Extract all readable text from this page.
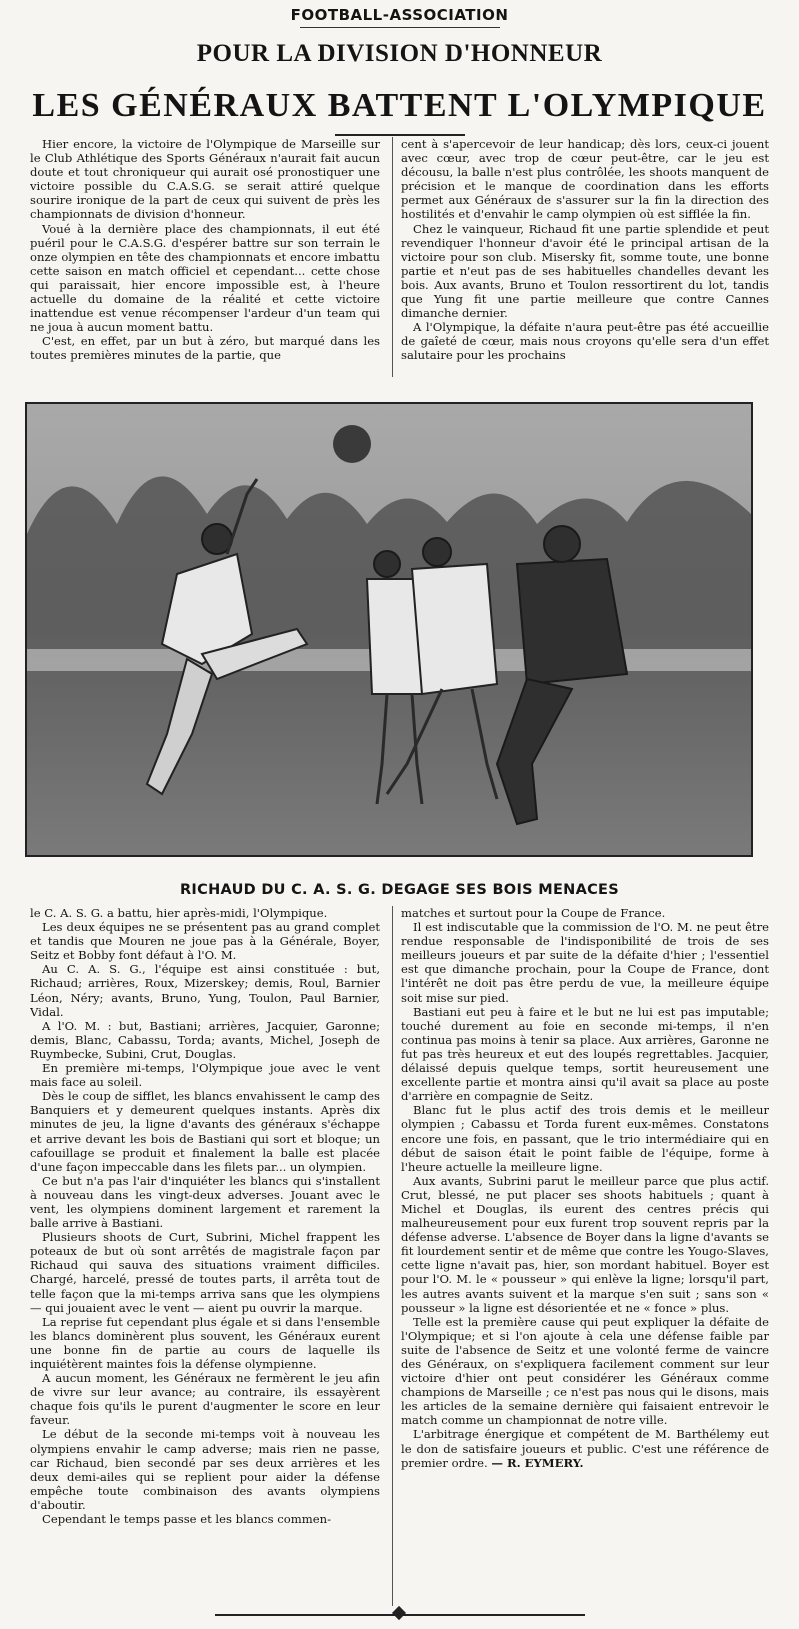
FOOTBALL-ASSOCIATION
POUR LA DIVISION D'HONNEUR
LES GÉNÉRAUX BATTENT L'OLYMPIQUE

Hier encore, la victoire de l'Olympique de Marseille sur le Club Athlétique des Sports Généraux n'aurait fait aucun doute et tout chroniqueur qui aurait osé pronostiquer une victoire possible du C.A.S.G. se serait attiré quelque sourire ironique de la part de ceux qui suivent de près les championnats de division d'honneur.

Voué à la dernière place des championnats, il eut été puéril pour le C.A.S.G. d'espérer battre sur son terrain le onze olympien en tête des championnats et encore imbattu cette saison en match officiel et cependant... cette chose qui paraissait, hier encore impossible est, à l'heure actuelle du domaine de la réalité et cette victoire inattendue est venue récompenser l'ardeur d'un team qui ne joua à aucun moment battu.

C'est, en effet, par un but à zéro, but marqué dans les toutes premières minutes de la partie, que

cent à s'apercevoir de leur handicap; dès lors, ceux-ci jouent avec cœur, avec trop de cœur peut-être, car le jeu est décousu, la balle n'est plus contrôlée, les shoots manquent de précision et le manque de coordination dans les efforts permet aux Généraux de s'assurer sur la fin la direction des hostilités et d'envahir le camp olympien où est sifflée la fin.

Chez le vainqueur, Richaud fit une partie splendide et peut revendiquer l'honneur d'avoir été le principal artisan de la victoire pour son club. Misersky fit, somme toute, une bonne partie et n'eut pas de ses habituelles chandelles devant les bois. Aux avants, Bruno et Toulon ressortirent du lot, tandis que Yung fit une partie meilleure que contre Cannes dimanche dernier.

A l'Olympique, la défaite n'aura peut-être pas été accueillie de gaîeté de cœur, mais nous croyons qu'elle sera d'un effet salutaire pour les prochains

RICHAUD DU C. A. S. G. DEGAGE SES BOIS MENACES

le C. A. S. G. a battu, hier après-midi, l'Olympique.

Les deux équipes ne se présentent pas au grand complet et tandis que Mouren ne joue pas à la Générale, Boyer, Seitz et Bobby font défaut à l'O. M.

Au C. A. S. G., l'équipe est ainsi constituée : but, Richaud; arrières, Roux, Mizerskey; demis, Roul, Barnier Léon, Néry; avants, Bruno, Yung, Toulon, Paul Barnier, Vidal.

A l'O. M. : but, Bastiani; arrières, Jacquier, Garonne; demis, Blanc, Cabassu, Torda; avants, Michel, Joseph de Ruymbecke, Subini, Crut, Douglas.

En première mi-temps, l'Olympique joue avec le vent mais face au soleil.

Dès le coup de sifflet, les blancs envahissent le camp des Banquiers et y demeurent quelques instants. Après dix minutes de jeu, la ligne d'avants des généraux s'échappe et arrive devant les bois de Bastiani qui sort et bloque; un cafouillage se produit et finalement la balle est placée d'une façon impeccable dans les filets par... un olympien.

Ce but n'a pas l'air d'inquiéter les blancs qui s'installent à nouveau dans les vingt-deux adverses. Jouant avec le vent, les olympiens dominent largement et rarement la balle arrive à Bastiani.

Plusieurs shoots de Curt, Subrini, Michel frappent les poteaux de but où sont arrêtés de magistrale façon par Richaud qui sauva des situations vraiment difficiles. Chargé, harcelé, pressé de toutes parts, il arrêta tout de telle façon que la mi-temps arriva sans que les olympiens — qui jouaient avec le vent — aient pu ouvrir la marque.

La reprise fut cependant plus égale et si dans l'ensemble les blancs dominèrent plus souvent, les Généraux eurent une bonne fin de partie au cours de laquelle ils inquiétèrent maintes fois la défense olympienne.

A aucun moment, les Généraux ne fermèrent le jeu afin de vivre sur leur avance; au contraire, ils essayèrent chaque fois qu'ils le purent d'augmenter le score en leur faveur.

Le début de la seconde mi-temps voit à nouveau les olympiens envahir le camp adverse; mais rien ne passe, car Richaud, bien secondé par ses deux arrières et les deux demi-ailes qui se replient pour aider la défense empêche toute combinaison des avants olympiens d'aboutir.

Cependant le temps passe et les blancs commen-

matches et surtout pour la Coupe de France.

Il est indiscutable que la commission de l'O. M. ne peut être rendue responsable de l'indisponibilité de trois de ses meilleurs joueurs et par suite de la défaite d'hier ; l'essentiel est que dimanche prochain, pour la Coupe de France, dont l'intérêt ne doit pas être perdu de vue, la meilleure équipe soit mise sur pied.

Bastiani eut peu à faire et le but ne lui est pas imputable; touché durement au foie en seconde mi-temps, il n'en continua pas moins à tenir sa place. Aux arrières, Garonne ne fut pas très heureux et eut des loupés regrettables. Jacquier, délaissé depuis quelque temps, sortit heureusement une excellente partie et montra ainsi qu'il avait sa place au poste d'arrière en compagnie de Seitz.

Blanc fut le plus actif des trois demis et le meilleur olympien ; Cabassu et Torda furent eux-mêmes. Constatons encore une fois, en passant, que le trio intermédiaire qui en début de saison était le point faible de l'équipe, forme à l'heure actuelle la meilleure ligne.

Aux avants, Subrini parut le meilleur parce que plus actif. Crut, blessé, ne put placer ses shoots habituels ; quant à Michel et Douglas, ils eurent des centres précis qui malheureusement pour eux furent trop souvent repris par la défense adverse. L'absence de Boyer dans la ligne d'avants se fit lourdement sentir et de même que contre les Yougo-Slaves, cette ligne n'avait pas, hier, son mordant habituel. Boyer est pour l'O. M. le « pousseur » qui enlève la ligne; lorsqu'il part, les autres avants suivent et la marque s'en suit ; sans son « pousseur » la ligne est désorientée et ne « fonce » plus.

Telle est la première cause qui peut expliquer la défaite de l'Olympique; et si l'on ajoute à cela une défense faible par suite de l'absence de Seitz et une volonté ferme de vaincre des Généraux, on s'expliquera facilement comment sur leur victoire d'hier ont peut considérer les Généraux comme champions de Marseille ; ce n'est pas nous qui le disons, mais les articles de la semaine dernière qui faisaient entrevoir le match comme un championnat de notre ville.

L'arbitrage énergique et compétent de M. Barthélemy eut le don de satisfaire joueurs et public. C'est une référence de premier ordre. — R. EYMERY.
